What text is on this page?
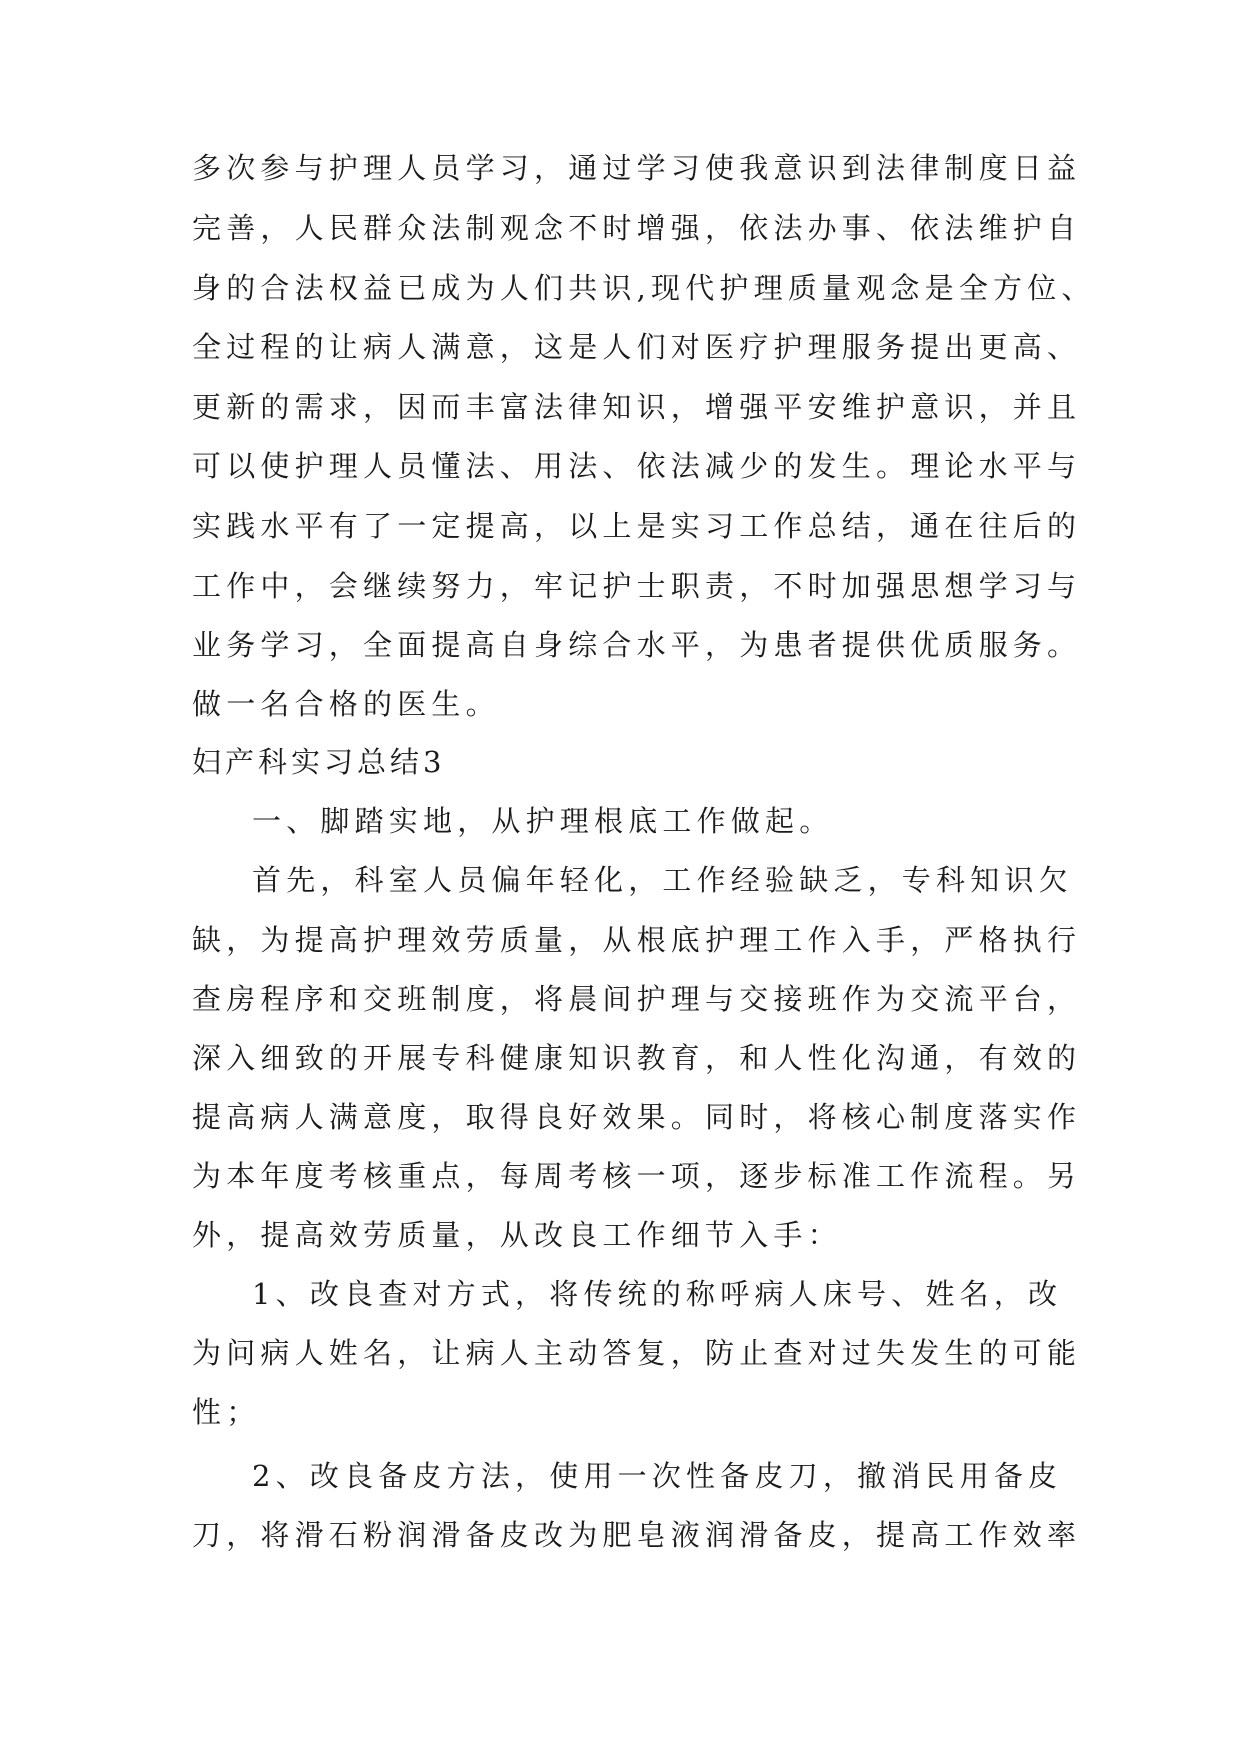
多次参与护理人员学习，通过学习使我意识到法律制度日益
完善，人民群众法制观念不时增强，依法办事、依法维护自
身的合法权益已成为人们共识,现代护理质量观念是全方位、
全过程的让病人满意，这是人们对医疗护理服务提出更高、
更新的需求，因而丰富法律知识，增强平安维护意识，并且
可以使护理人员懂法、用法、依法减少的发生。理论水平与
实践水平有了一定提高，以上是实习工作总结，通在往后的
工作中，会继续努力，牢记护士职责，不时加强思想学习与
业务学习，全面提高自身综合水平，为患者提供优质服务。
做一名合格的医生。
妇产科实习总结3
一、脚踏实地，从护理根底工作做起。
首先，科室人员偏年轻化，工作经验缺乏，专科知识欠
缺，为提高护理效劳质量，从根底护理工作入手，严格执行
查房程序和交班制度，将晨间护理与交接班作为交流平台，
深入细致的开展专科健康知识教育，和人性化沟通，有效的
提高病人满意度，取得良好效果。同时，将核心制度落实作
为本年度考核重点，每周考核一项，逐步标准工作流程。另
外，提高效劳质量，从改良工作细节入手：
1、改良查对方式，将传统的称呼病人床号、姓名，改
为问病人姓名，让病人主动答复，防止查对过失发生的可能
性；
2、改良备皮方法，使用一次性备皮刀，撤消民用备皮
刀，将滑石粉润滑备皮改为肥皂液润滑备皮，提高工作效率
